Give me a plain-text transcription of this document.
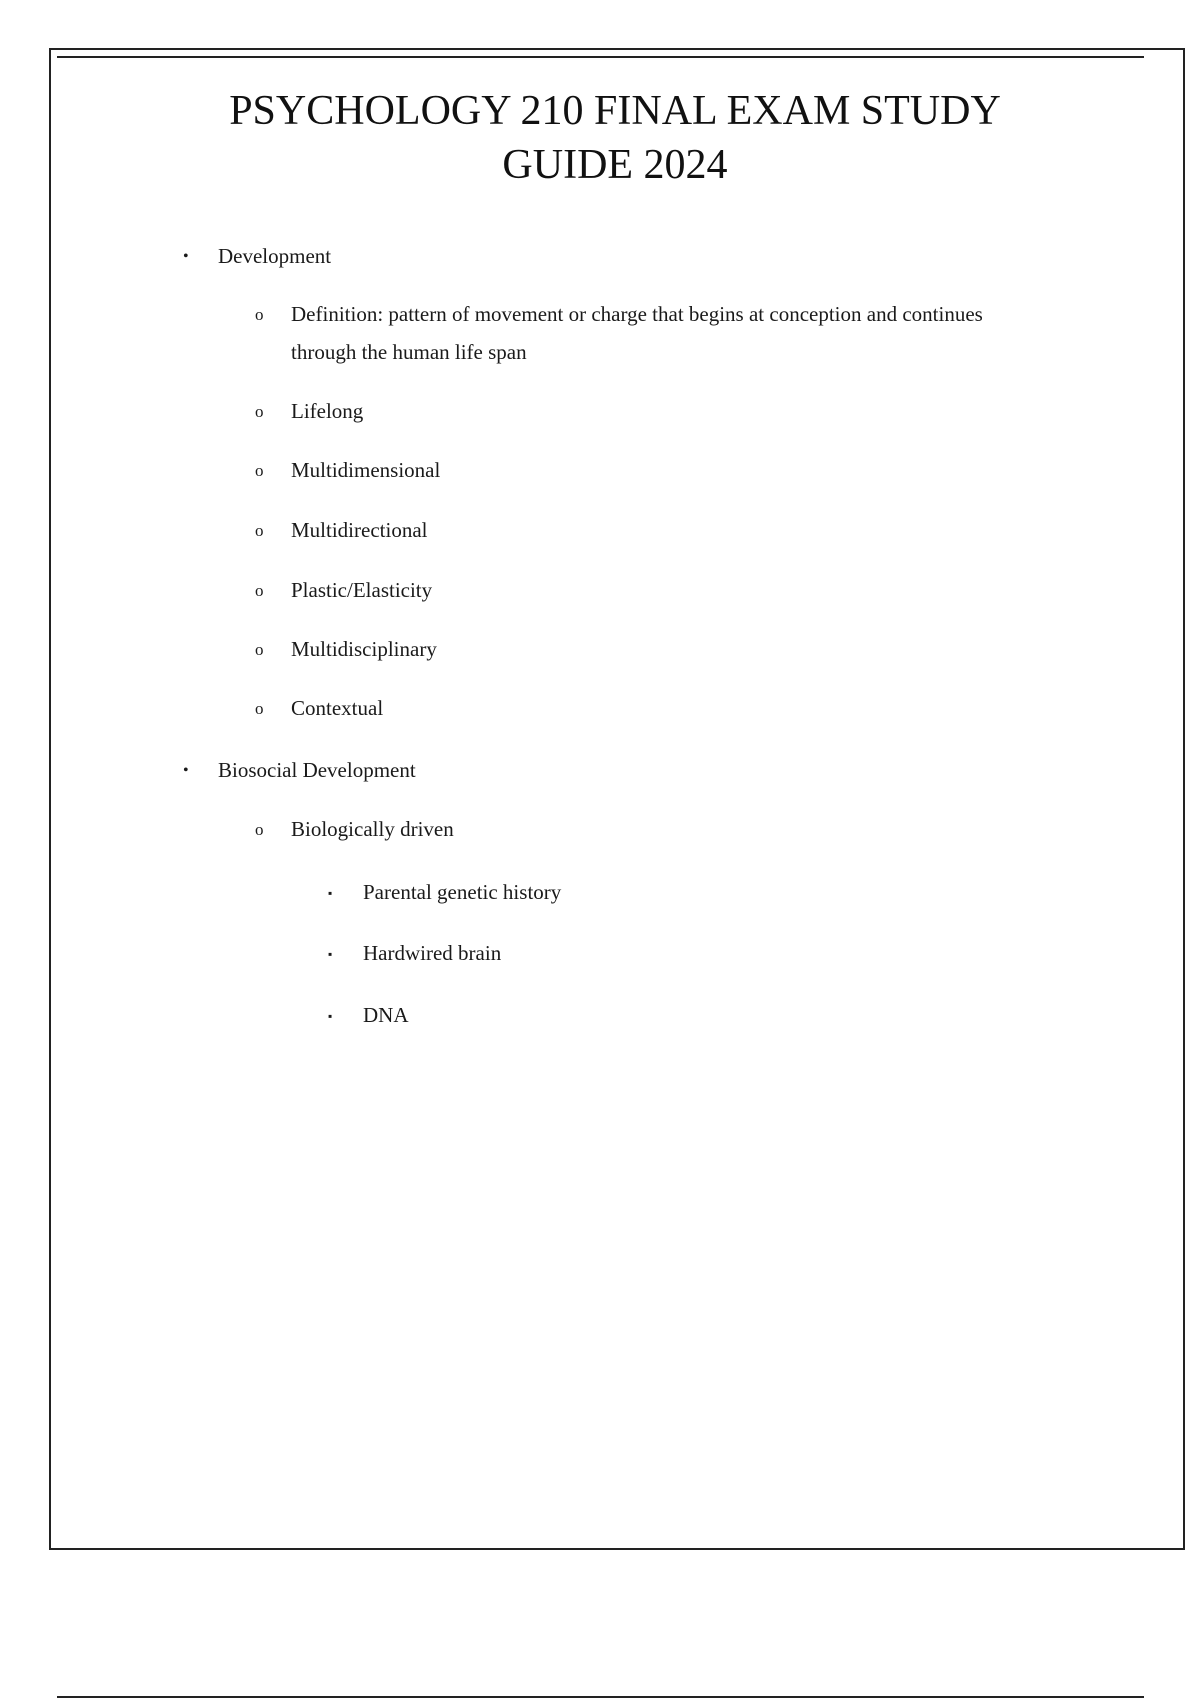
PSYCHOLOGY 210 FINAL EXAM STUDY
GUIDE 2024
• Development
o Definition: pattern of movement or charge that begins at conception and continues
through the human life span
o Lifelong
o Multidimensional
o Multidirectional
o Plastic/Elasticity
o Multidisciplinary
o Contextual
• Biosocial Development
o Biologically driven
▪ Parental genetic history
▪ Hardwired brain
▪ DNA
